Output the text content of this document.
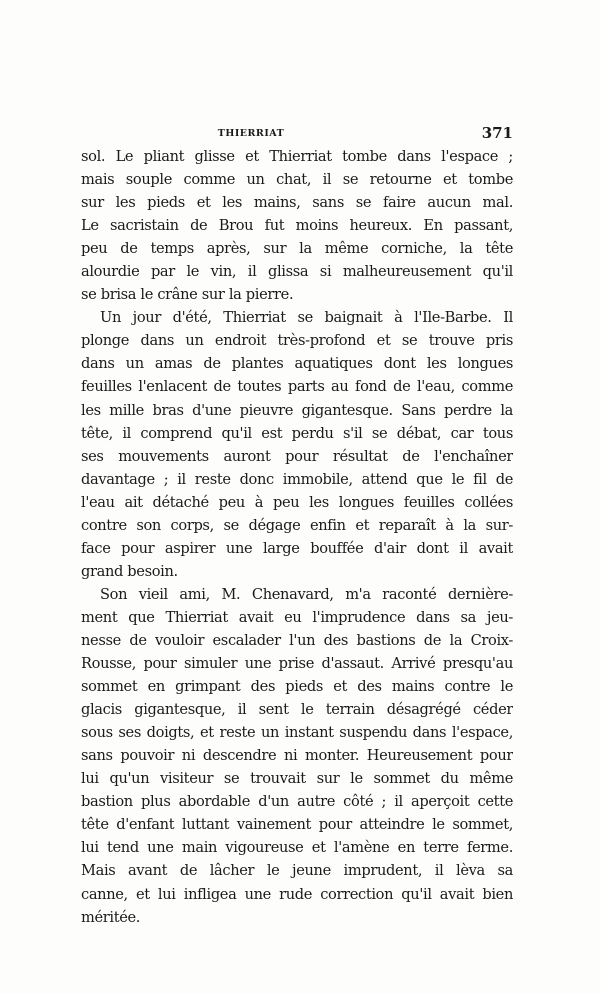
THIERRIAT	371
sol. Le pliant glisse et Thierriat tombe dans l'espace ;
mais souple comme un chat, il se retourne et tombe
sur les pieds et les mains, sans se faire aucun mal.
Le sacristain de Brou fut moins heureux. En passant,
peu de temps après, sur la même corniche, la tête
alourdie par le vin, il glissa si malheureusement qu'il
se brisa le crâne sur la pierre.
Un jour d'été, Thierriat se baignait à l'Ile-Barbe. Il
plonge dans un endroit très-profond et se trouve pris
dans un amas de plantes aquatiques dont les longues
feuilles l'enlacent de toutes parts au fond de l'eau, comme
les mille bras d'une pieuvre gigantesque. Sans perdre la
tête, il comprend qu'il est perdu s'il se débat, car tous
ses mouvements auront pour résultat de l'enchaîner
davantage ; il reste donc immobile, attend que le fil de
l'eau ait détaché peu à peu les longues feuilles collées
contre son corps, se dégage enfin et reparaît à la sur-
face pour aspirer une large bouffée d'air dont il avait
grand besoin.
Son vieil ami, M. Chenavard, m'a raconté dernière-
ment que Thierriat avait eu l'imprudence dans sa jeu-
nesse de vouloir escalader l'un des bastions de la Croix-
Rousse, pour simuler une prise d'assaut. Arrivé presqu'au
sommet en grimpant des pieds et des mains contre le
glacis gigantesque, il sent le terrain désagrégé céder
sous ses doigts, et reste un instant suspendu dans l'espace,
sans pouvoir ni descendre ni monter. Heureusement pour
lui qu'un visiteur se trouvait sur le sommet du même
bastion plus abordable d'un autre côté ; il aperçoit cette
tête d'enfant luttant vainement pour atteindre le sommet,
lui tend une main vigoureuse et l'amène en terre ferme.
Mais avant de lâcher le jeune imprudent, il lèva sa
canne, et lui infligea une rude correction qu'il avait bien
méritée.
